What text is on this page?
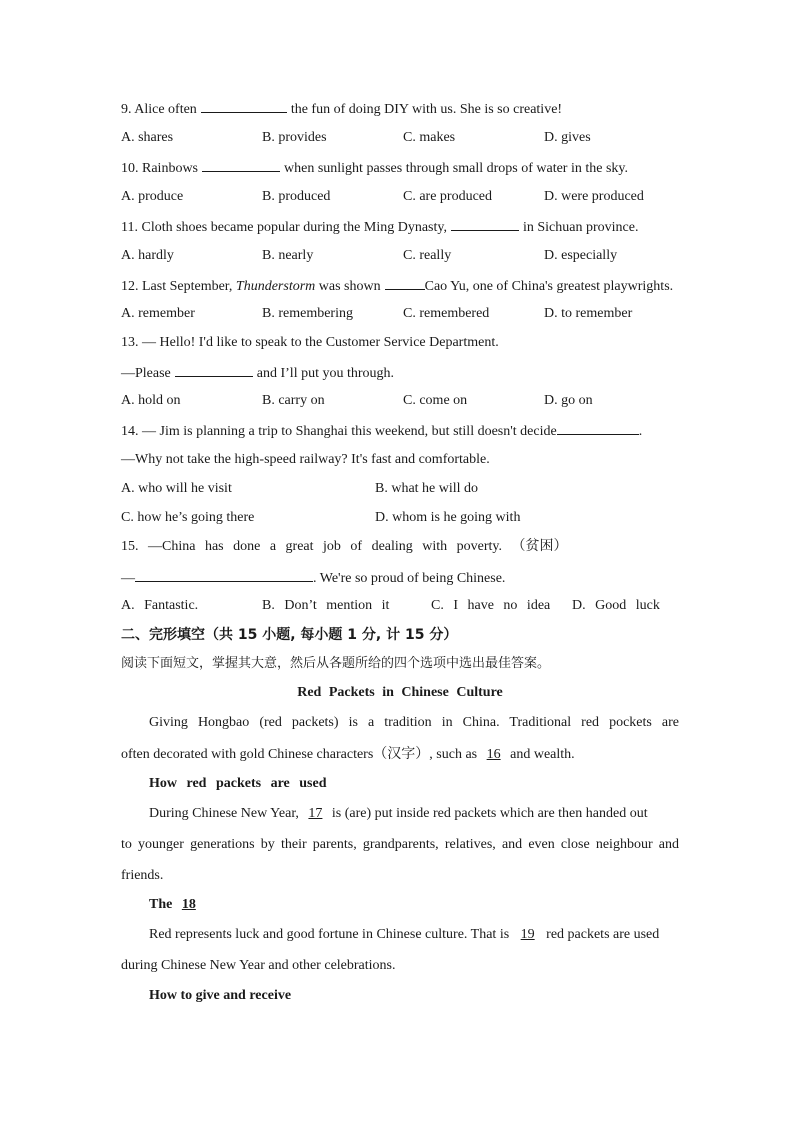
9. Alice often	the fun of doing DIY with us. She is so creative!
A. shares	B. provides	C. makes	D. gives
10. Rainbows	when sunlight passes through small drops of water in the sky.
A. produce	B. produced	C. are produced	D. were produced
11. Cloth shoes became popular during the Ming Dynasty,	in Sichuan province.
A. hardly	B. nearly	C. really	D. especially
12. Last September, Thunderstorm was shown	Cao Yu, one of China's greatest playwrights.
A. remember	B. remembering	C. remembered	D. to remember
13. — Hello! I'd like to speak to the Customer Service Department.
—Please	and I’ll put you through.
A. hold on	B. carry on	C. come on	D. go on
14. — Jim is planning a trip to Shanghai this weekend, but still doesn't decide	.
—Why not take the high-speed railway? It's fast and comfortable.
A. who will he visit	B. what he will do
C. how he’s going there	D. whom is he going with
15. —China has done a great job of dealing with poverty. （贫困）
—	. We're so proud of being Chinese.
A. Fantastic.	B. Don’t mention it	C. I have no idea D. Good luck
二、完形填空（共 15 小题, 每小题 1 分, 计 15 分）
阅读下面短文，掌握其大意，然后从各题所给的四个选项中选出最佳答案。
Red Packets in Chinese Culture
Giving Hongbao (red packets) is a tradition in China. Traditional red pockets are
often decorated with gold Chinese characters（汉字）, such as 16 and wealth.
How red packets are used
During Chinese New Year, 17 is (are) put inside red packets which are then handed out
to younger generations by their parents, grandparents, relatives, and even close neighbour and
friends.
The 18
Red represents luck and good fortune in Chinese culture. That is 19 red packets are used
during Chinese New Year and other celebrations.
How to give and receive
